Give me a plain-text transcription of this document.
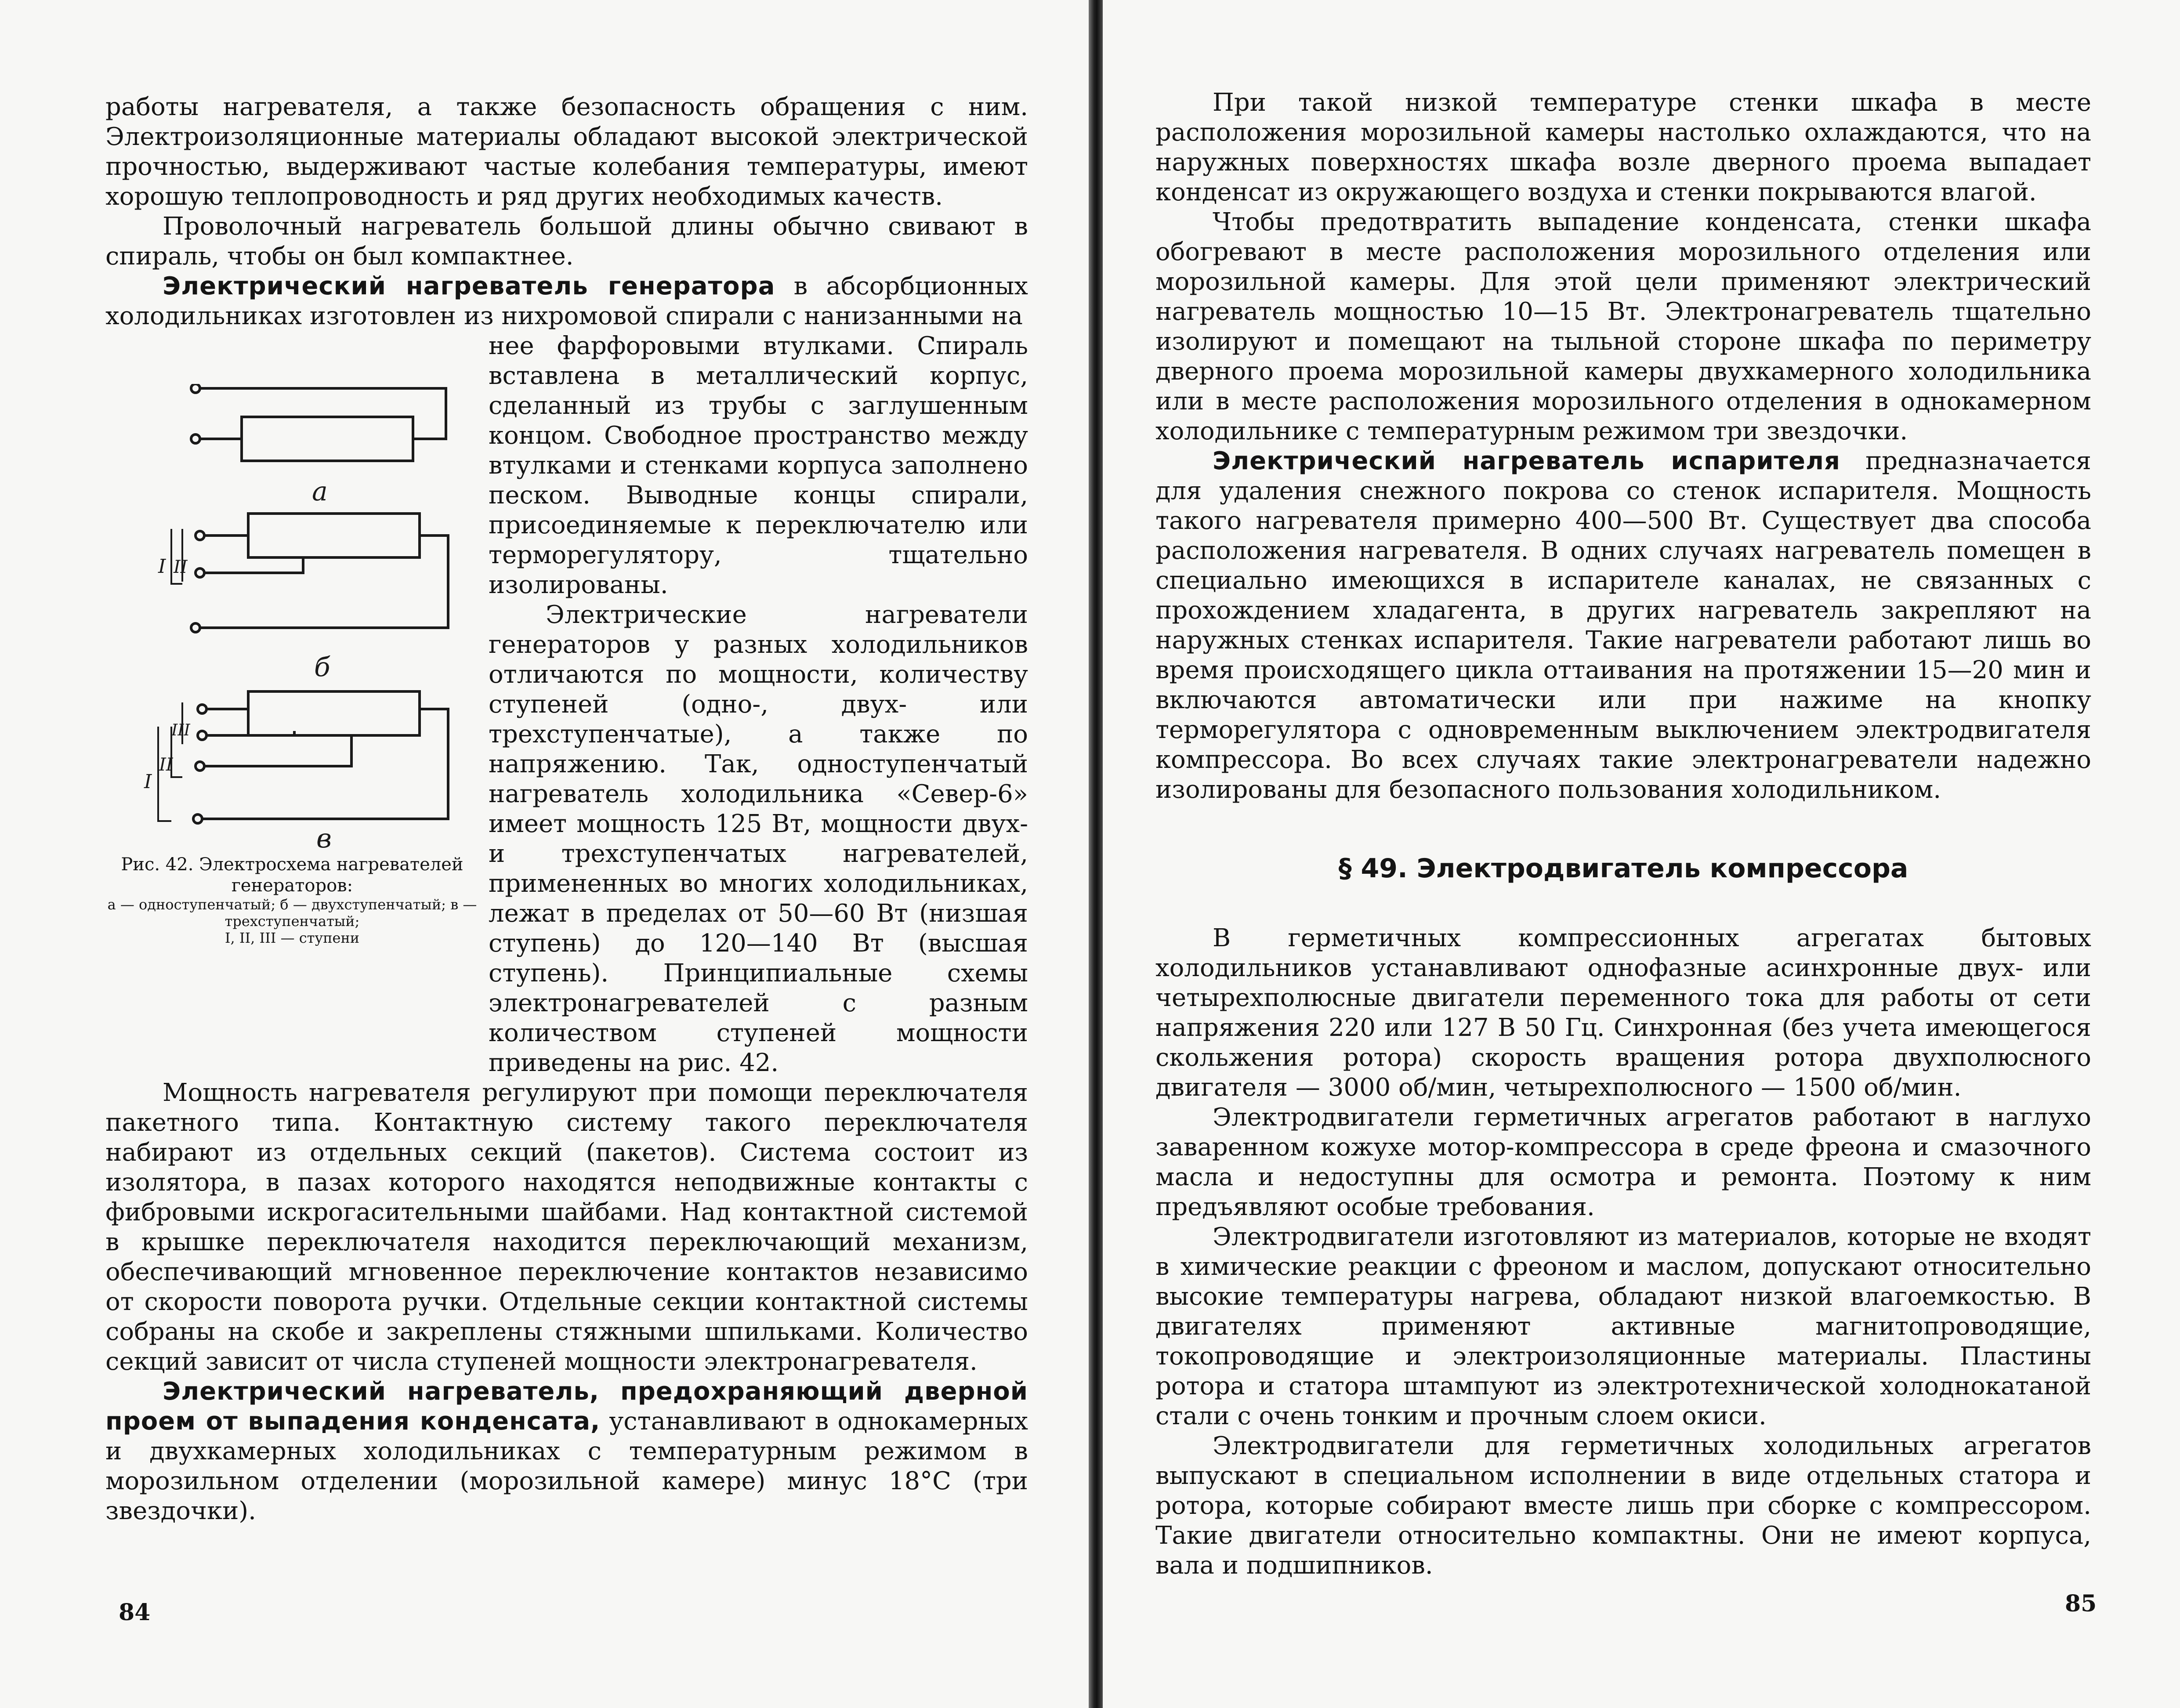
работы нагревателя, а также безопасность обращения с ним. Электроизоляционные материалы обладают высокой электрической прочностью, выдерживают частые колебания температуры, имеют хорошую теплопроводность и ряд других необходимых качеств.

Проволочный нагреватель большой длины обычно свивают в спираль, чтобы он был компактнее.

Электрический нагреватель генератора в абсорбционных холодильниках изготовлен из нихромовой спирали с нанизанными на

а
I II
б
I
II
III
в
Рис. 42. Электросхема нагревателей генераторов:
а — одноступенчатый; б — двухступенчатый; в — трехступенчатый;
I, II, III — ступени

нее фарфоровыми втулками. Спираль вставлена в металлический корпус, сделанный из трубы с заглушенным концом. Свободное пространство между втулками и стенками корпуса заполнено песком. Выводные концы спирали, присоединяемые к переключателю или терморегулятору, тщательно изолированы.

Электрические нагреватели генераторов у разных холодильников отличаются по мощности, количеству ступеней (одно-, двух- или трехступенчатые), а также по напряжению. Так, одноступенчатый нагреватель холодильника «Север-6» имеет мощность 125 Вт, мощности двух- и трехступенчатых нагревателей, примененных во многих холодильниках, лежат в пределах от 50—60 Вт (низшая ступень) до 120—140 Вт (высшая ступень). Принципиальные схемы электронагревателей с разным количеством ступеней мощности приведены на рис. 42.

Мощность нагревателя регулируют при помощи переключателя пакетного типа. Контактную систему такого переключателя набирают из отдельных секций (пакетов). Система состоит из изолятора, в пазах которого находятся неподвижные контакты с фибровыми искрогасительными шайбами. Над контактной системой в крышке переключателя находится переключающий механизм, обеспечивающий мгновенное переключение контактов независимо от скорости поворота ручки. Отдельные секции контактной системы собраны на скобе и закреплены стяжными шпильками. Количество секций зависит от числа ступеней мощности электронагревателя.

Электрический нагреватель, предохраняющий дверной проем от выпадения конденсата, устанавливают в однокамерных и двухкамерных холодильниках с температурным режимом в морозильном отделении (морозильной камере) минус 18°С (три звездочки).

84

При такой низкой температуре стенки шкафа в месте расположения морозильной камеры настолько охлаждаются, что на наружных поверхностях шкафа возле дверного проема выпадает конденсат из окружающего воздуха и стенки покрываются влагой.

Чтобы предотвратить выпадение конденсата, стенки шкафа обогревают в месте расположения морозильного отделения или морозильной камеры. Для этой цели применяют электрический нагреватель мощностью 10—15 Вт. Электронагреватель тщательно изолируют и помещают на тыльной стороне шкафа по периметру дверного проема морозильной камеры двухкамерного холодильника или в месте расположения морозильного отделения в однокамерном холодильнике с температурным режимом три звездочки.

Электрический нагреватель испарителя предназначается для удаления снежного покрова со стенок испарителя. Мощность такого нагревателя примерно 400—500 Вт. Существует два способа расположения нагревателя. В одних случаях нагреватель помещен в специально имеющихся в испарителе каналах, не связанных с прохождением хладагента, в других нагреватель закрепляют на наружных стенках испарителя. Такие нагреватели работают лишь во время происходящего цикла оттаивания на протяжении 15—20 мин и включаются автоматически или при нажиме на кнопку терморегулятора с одновременным выключением электродвигателя компрессора. Во всех случаях такие электронагреватели надежно изолированы для безопасного пользования холодильником.

§ 49. Электродвигатель компрессора

В герметичных компрессионных агрегатах бытовых холодильников устанавливают однофазные асинхронные двух- или четырехполюсные двигатели переменного тока для работы от сети напряжения 220 или 127 В 50 Гц. Синхронная (без учета имеющегося скольжения ротора) скорость вращения ротора двухполюсного двигателя — 3000 об/мин, четырехполюсного — 1500 об/мин.

Электродвигатели герметичных агрегатов работают в наглухо заваренном кожухе мотор-компрессора в среде фреона и смазочного масла и недоступны для осмотра и ремонта. Поэтому к ним предъявляют особые требования.

Электродвигатели изготовляют из материалов, которые не входят в химические реакции с фреоном и маслом, допускают относительно высокие температуры нагрева, обладают низкой влагоемкостью. В двигателях применяют активные магнитопроводящие, токопроводящие и электроизоляционные материалы. Пластины ротора и статора штампуют из электротехнической холоднокатаной стали с очень тонким и прочным слоем окиси.

Электродвигатели для герметичных холодильных агрегатов выпускают в специальном исполнении в виде отдельных статора и ротора, которые собирают вместе лишь при сборке с компрессором. Такие двигатели относительно компактны. Они не имеют корпуса, вала и подшипников.

85
